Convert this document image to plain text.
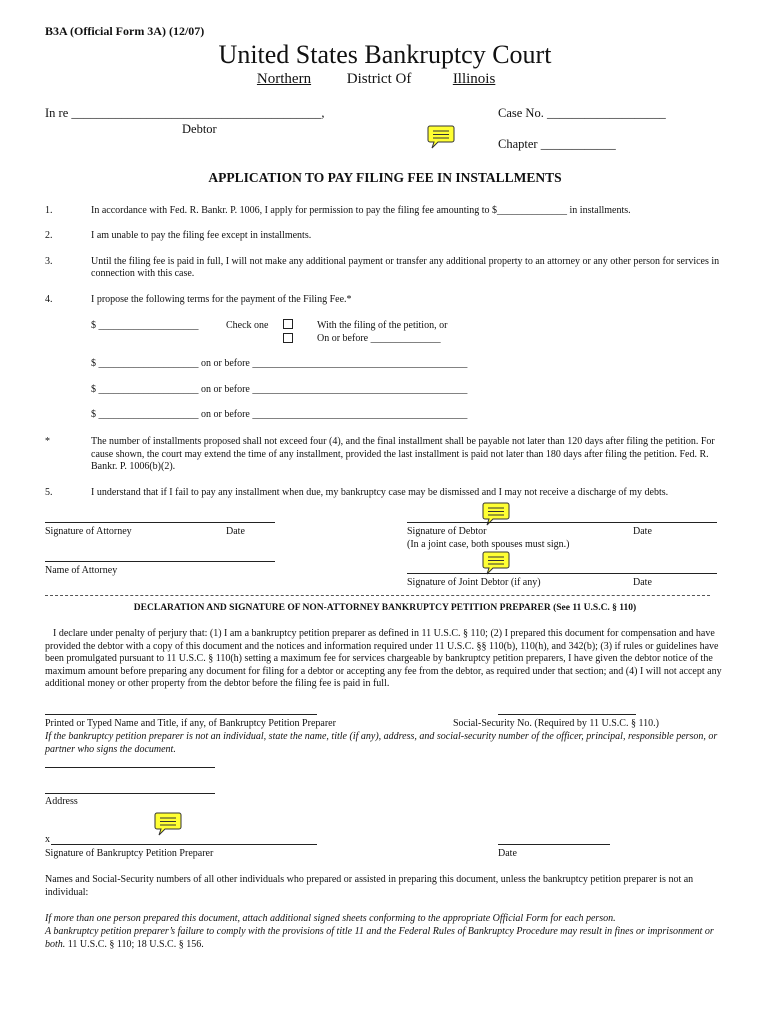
B3A (Official Form 3A) (12/07)
United States Bankruptcy Court
Northern District Of	Illinois
In re ________________________________________,
Debtor
Case No. ___________________
Chapter ____________
APPLICATION TO PAY FILING FEE IN INSTALLMENTS
1.	In accordance with Fed. R. Bankr. P. 1006, I apply for permission to pay the filing fee amounting to $______________ in installments.
2.	I am unable to pay the filing fee except in installments.
3.	Until the filing fee is paid in full, I will not make any additional payment or transfer any additional property to an attorney or any other person for services in connection with this case.
4.	I propose the following terms for the payment of the Filing Fee.*
$ ____________________	Check one	With the filing of the petition, or
On or before ______________
$ ____________________ on or before ___________________________________________
$ ____________________ on or before ___________________________________________
$ ____________________ on or before ___________________________________________
*	The number of installments proposed shall not exceed four (4), and the final installment shall be payable not later than 120 days after filing the petition. For cause shown, the court may extend the time of any installment, provided the last installment is paid not later than 180 days after filing the petition. Fed. R. Bankr. P. 1006(b)(2).
5.	I understand that if I fail to pay any installment when due, my bankruptcy case may be dismissed and I may not receive a discharge of my debts.
Signature of Attorney	Date	Signature of Debtor	Date
(In a joint case, both spouses must sign.)
Name of Attorney
Signature of Joint Debtor (if any)	Date
DECLARATION AND SIGNATURE OF NON-ATTORNEY BANKRUPTCY PETITION PREPARER (See 11 U.S.C. § 110)
I declare under penalty of perjury that: (1) I am a bankruptcy petition preparer as defined in 11 U.S.C. § 110; (2) I prepared this document for compensation and have provided the debtor with a copy of this document and the notices and information required under 11 U.S.C. §§ 110(b), 110(h), and 342(b); (3) if rules or guidelines have been promulgated pursuant to 11 U.S.C. § 110(h) setting a maximum fee for services chargeable by bankruptcy petition preparers, I have given the debtor notice of the maximum amount before preparing any document for filing for a debtor or accepting any fee from the debtor, as required under that section; and (4) I will not accept any additional money or other property from the debtor before the filing fee is paid in full.
Printed or Typed Name and Title, if any, of Bankruptcy Petition Preparer	Social-Security No. (Required by 11 U.S.C. § 110.)
If the bankruptcy petition preparer is not an individual, state the name, title (if any), address, and social-security number of the officer, principal, responsible person, or partner who signs the document.
Address
x
Signature of Bankruptcy Petition Preparer	Date
Names and Social-Security numbers of all other individuals who prepared or assisted in preparing this document, unless the bankruptcy petition preparer is not an individual:
If more than one person prepared this document, attach additional signed sheets conforming to the appropriate Official Form for each person.
A bankruptcy petition preparer’s failure to comply with the provisions of title 11 and the Federal Rules of Bankruptcy Procedure may result in fines or imprisonment or both. 11 U.S.C. § 110; 18 U.S.C. § 156.
